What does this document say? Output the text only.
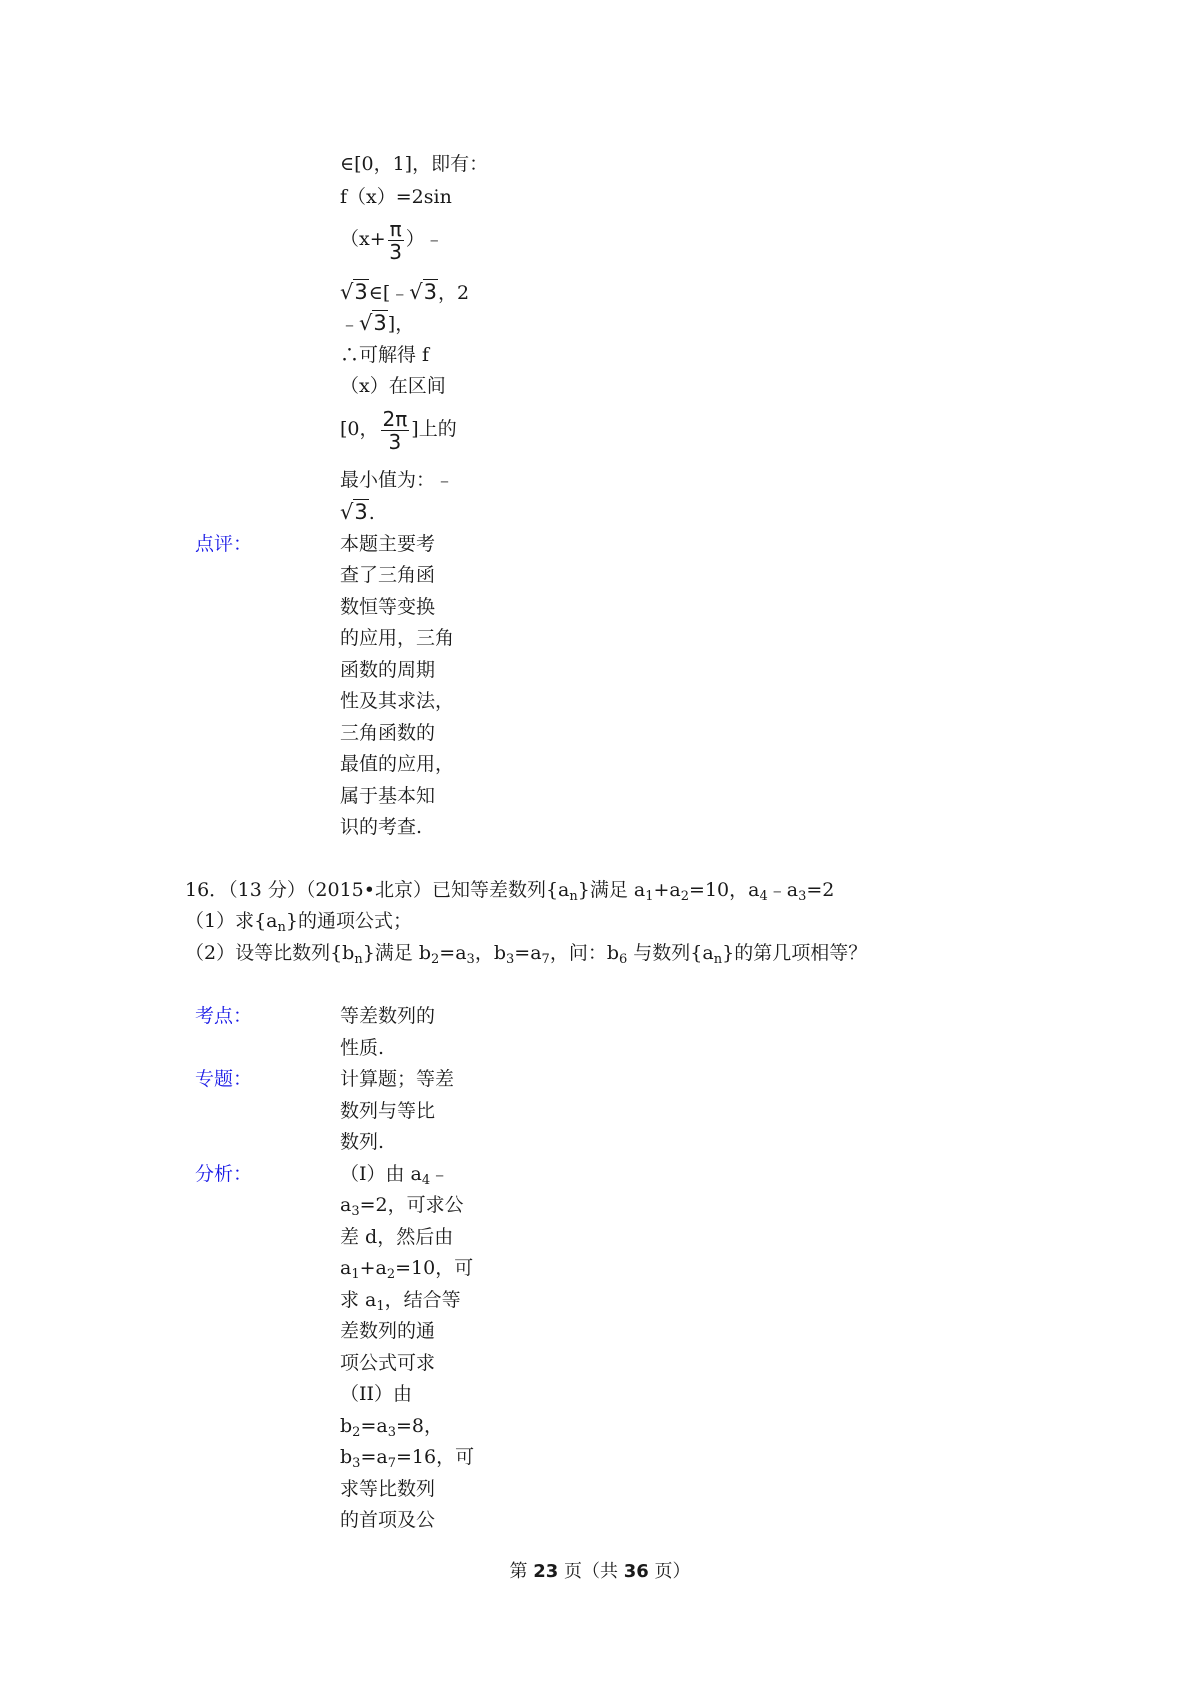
∈[0，1]，即有：
f（x）=2sin
（$x+ \frac{\pi}{3}$ ）﹣
√3∈[﹣√3，2
﹣√3]，
∴可解得 f
（x）在区间
[0， $\frac{2\pi}{3}$ ]上的
最小值为：﹣
√3.
点评：	本题主要考
查了三角函
数恒等变换
的应用，三角
函数的周期
性及其求法，
三角函数的
最值的应用，
属于基本知
识的考查.
16．（13 分）（2015•北京）已知等差数列$\{a_n\}$满足 $a_1+a_2=10$，$a_4﹣a_3=2$
（1）求$\{a_n\}$的通项公式；
（2）设等比数列$\{b_n\}$满足 $b_2=a_3$，$b_3=a_7$，问：$b_6$ 与数列$\{a_n\}$的第几项相等？
考点：	等差数列的
性质.
专题：	计算题；等差
数列与等比
数列.
分析：	（I）由 $a_4﹣$
$a_3=2$，可求公
差 d，然后由
$a_1+a_2=10$，可
求 $a_1$，结合等
差数列的通
项公式可求
（II）由
$b_2=a_3=8$，
$b_3=a_7=16$，可
求等比数列
的首项及公
第 23 页（共 36 页）
